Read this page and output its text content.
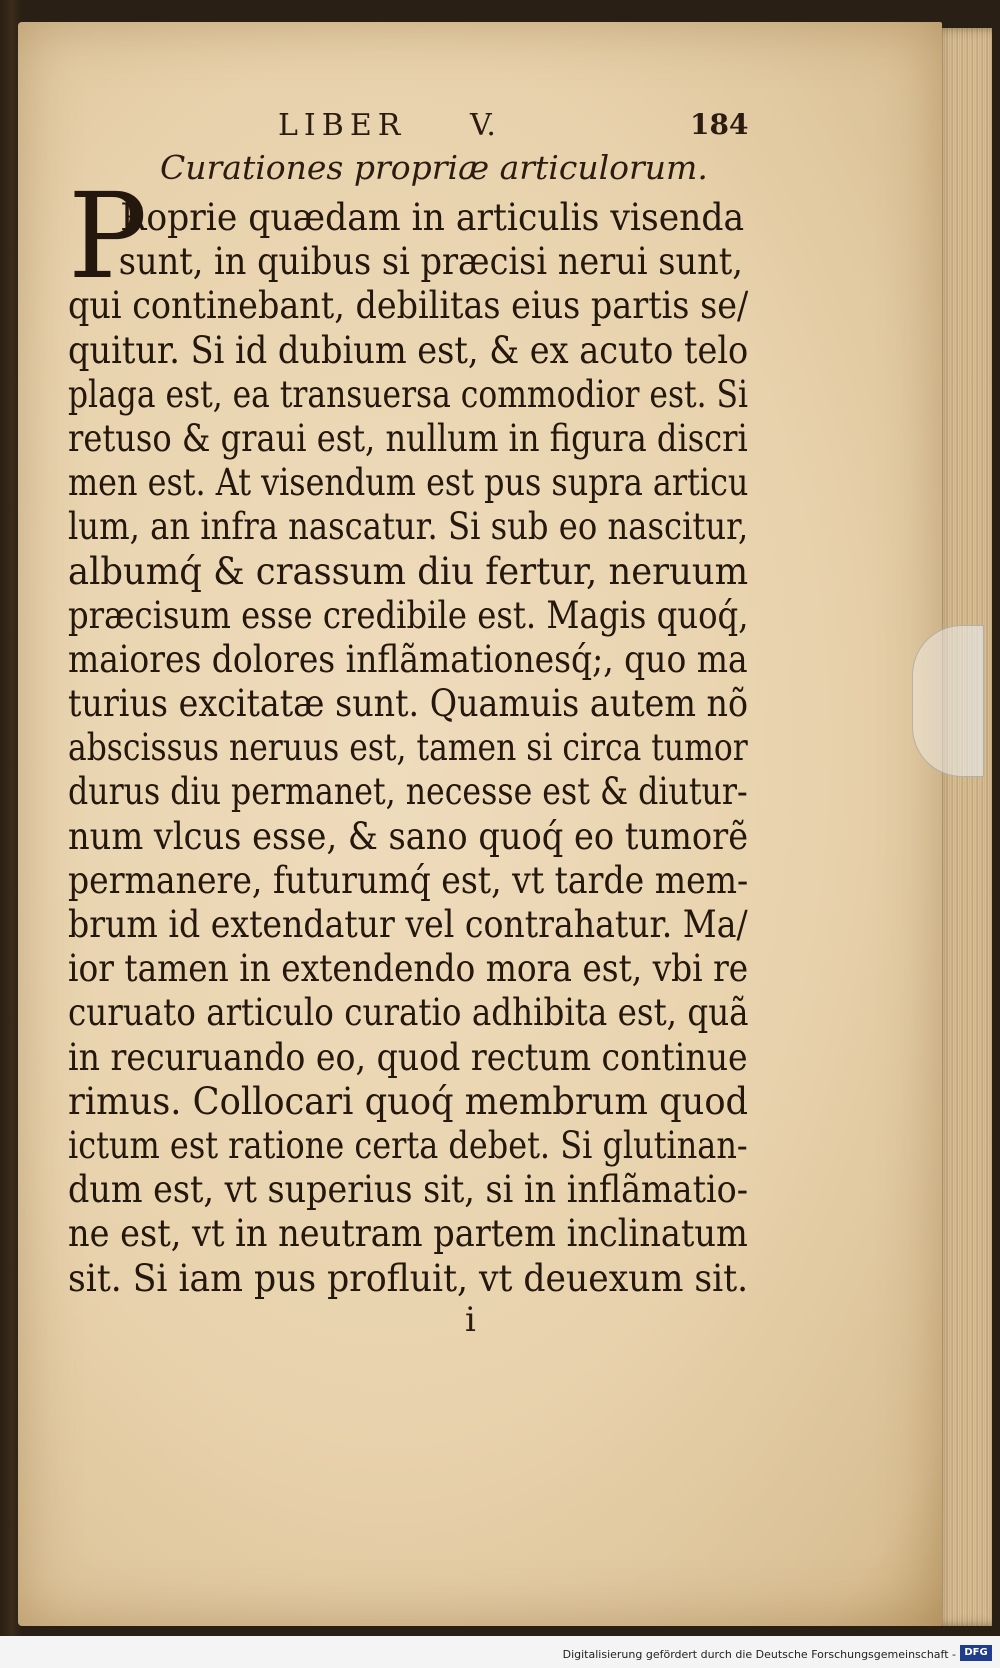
LIBER V.	184
Curationes propriæ articulorum.
P
Roprie quædam in articulis visenda
sunt, in quibus si præcisi nerui sunt,
qui continebant, debilitas eius partis se/
quitur. Si id dubium est, & ex acuto telo
plaga est, ea transuersa commodior est. Si
retuso & graui est, nullum in figura discri
men est. At visendum est pus supra articu
lum, an infra nascatur. Si sub eo nascitur,
albumq́ & crassum diu fertur, neruum
præcisum esse credibile est. Magis quoq́,
maiores dolores inflãmationesq́;, quo ma
turius excitatæ sunt. Quamuis autem nõ
abscissus neruus est, tamen si circa tumor
durus diu permanet, necesse est & diutur-
num vlcus esse, & sano quoq́ eo tumorẽ
permanere, futurumq́ est, vt tarde mem-
brum id extendatur vel contrahatur. Ma/
ior tamen in extendendo mora est, vbi re
curuato articulo curatio adhibita est, quã
in recuruando eo, quod rectum continue
rimus. Collocari quoq́ membrum quod
ictum est ratione certa debet. Si glutinan-
dum est, vt superius sit, si in inflãmatio-
ne est, vt in neutram partem inclinatum
sit. Si iam pus profluit, vt deuexum sit.
i
Digitalisierung gefördert durch die Deutsche Forschungsgemeinschaft - DFG
